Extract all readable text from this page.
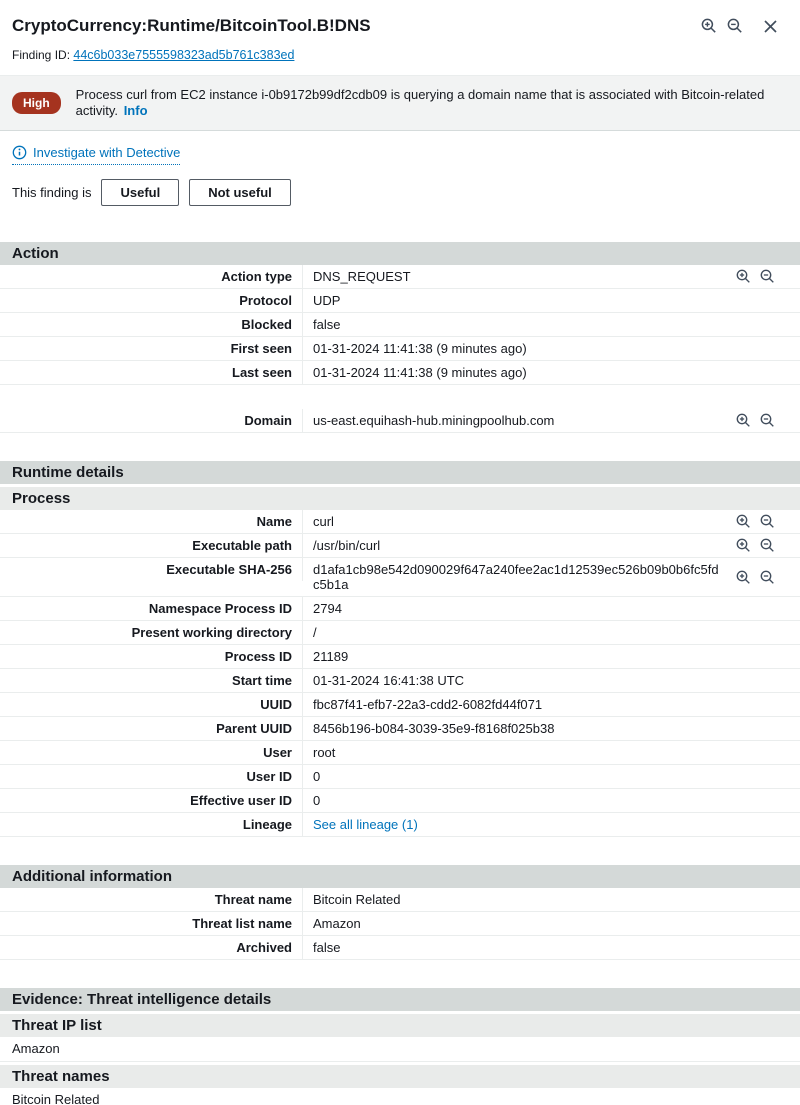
CryptoCurrency:Runtime/BitcoinTool.B!DNS
Finding ID: 44c6b033e7555598323ad5b761c383ed
High
Process curl from EC2 instance i-0b9172b99df2cdb09 is querying a domain name that is associated with Bitcoin-related activity. Info
Investigate with Detective
This finding is	Useful	Not useful
Action
Action type	DNS_REQUEST
Protocol	UDP
Blocked	false
First seen	01-31-2024 11:41:38 (9 minutes ago)
Last seen	01-31-2024 11:41:38 (9 minutes ago)
Domain	us-east.equihash-hub.miningpoolhub.com
Runtime details
Process
Name	curl
Executable path	/usr/bin/curl
Executable SHA-256	d1afa1cb98e542d090029f647a240fee2ac1d12539ec526b09b0b6fc5fdc5b1a
Namespace Process ID	2794
Present working directory	/
Process ID	21189
Start time	01-31-2024 16:41:38 UTC
UUID	fbc87f41-efb7-22a3-cdd2-6082fd44f071
Parent UUID	8456b196-b084-3039-35e9-f8168f025b38
User	root
User ID	0
Effective user ID	0
Lineage	See all lineage (1)
Additional information
Threat name	Bitcoin Related
Threat list name	Amazon
Archived	false
Evidence: Threat intelligence details
Threat IP list
Amazon
Threat names
Bitcoin Related
